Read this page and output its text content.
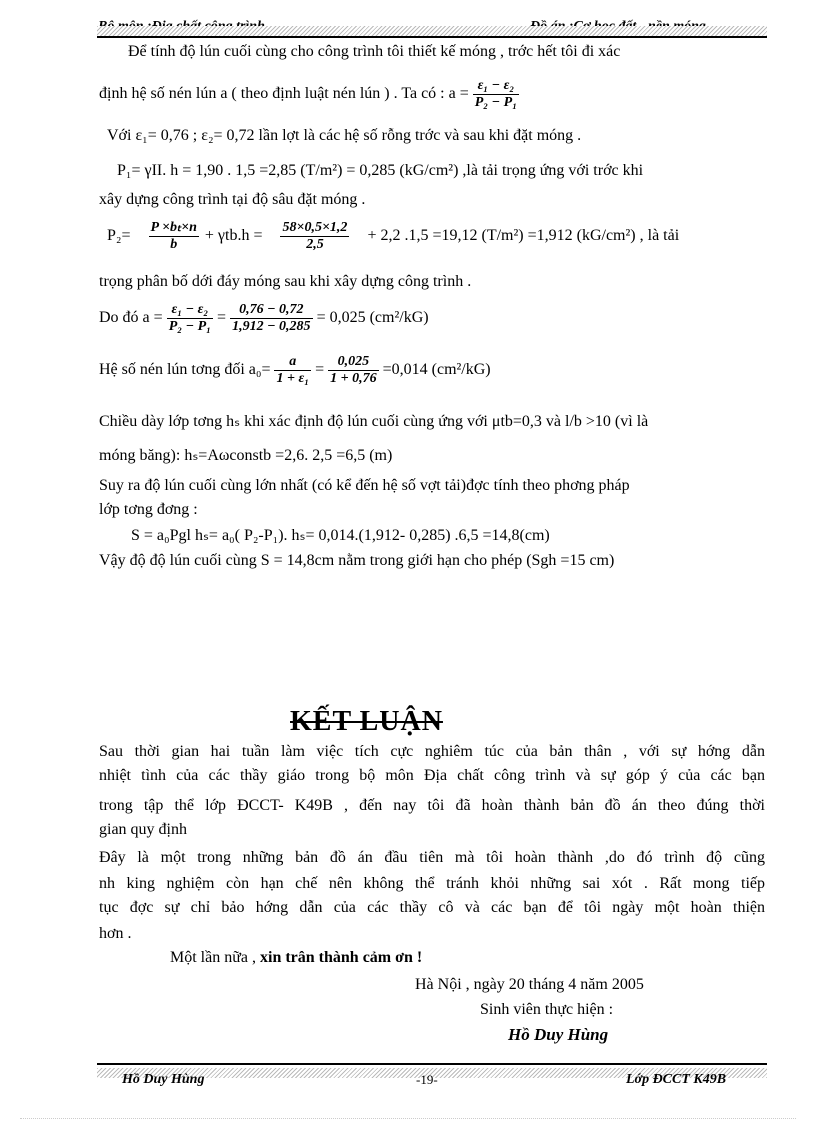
Để tính độ lún cuối cùng cho công trình tôi thiết kế móng , trớc hết tôi đi xác
định hệ số nén lún a ( theo định luật nén lún ) . Ta có : $a = \frac{\text{ε₁ − ε₂}}{\text{P₂ − P₁}}$
Với ε₁= 0,76 ; ε₂= 0,72 lần lợt là các hệ số rỗng trớc và sau khi đặt móng .
P₁= γII. h = 1,90 . 1,5 =2,85 (T/m²) = 0,285 (kG/cm²) ,là tải trọng ứng với trớc khi
xây dựng công trình tại độ sâu đặt móng .
$P_2= \frac{\text{P ×bₜ×n}}{b} + \gamma tb.h = \frac{58\times 0,5\times 1,2}{2,5} + 2,2$ .1,5 =19,12 (T/m²) =1,912 (kG/cm²) , là tải
trọng phân bố dới đáy móng sau khi xây dựng công trình .
Do đó $a = \frac{\text{ε₁ − ε₂}}{\text{P₂ − P₁}} = \frac{0,76 - 0,72}{1,912 - 0,285} = 0,025$ (cm²/kG)
Hệ số nén lún tơng đối $a_0= \frac{a}{\text{1 + ε₁}} = \frac{0,025}{1 + 0,76} =0,014$ (cm²/kG)
Chiều dày lớp tơng hₛ khi xác định độ lún cuối cùng ứng với μtb=0,3 và l/b >10 (vì là
móng băng): hₛ=Aωconstb =2,6. 2,5 =6,5 (m)
Suy ra độ lún cuối cùng lớn nhất (có kể đến hệ số vợt tải)đợc tính theo phơng pháp
lớp tơng đơng :
S = a₀Pgl hₛ= a₀( P₂-P₁). hₛ= 0,014.(1,912- 0,285) .6,5 =14,8(cm)
Vậy độ độ lún cuối cùng S = 14,8cm nằm trong giới hạn cho phép (Sgh =15 cm)
KẾT LUẬN
Sau thời gian hai tuần làm việc tích cực nghiêm túc của bản thân , với sự hớng dẫn
nhiệt tình của các thầy giáo trong bộ môn Địa chất công trình và sự góp ý của các bạn
trong tập thể lớp ĐCCT- K49B , đến nay tôi đã hoàn thành bản đồ án theo đúng thời
gian quy định
Đây là một trong những bản đồ án đầu tiên mà tôi hoàn thành ,do đó trình độ cũng
nh king nghiệm còn hạn chế nên không thể tránh khỏi những sai xót . Rất mong tiếp
tục đợc sự chỉ bảo hớng dẫn của các thầy cô và các bạn để tôi ngày một hoàn thiện
hơn .
Một lần nữa , xin trân thành cảm ơn !
Hà Nội , ngày 20 tháng 4 năm 2005
Sinh viên thực hiện :
Hồ Duy Hùng
Hồ Duy Hùng	-19-	Lớp ĐCCT K49B
